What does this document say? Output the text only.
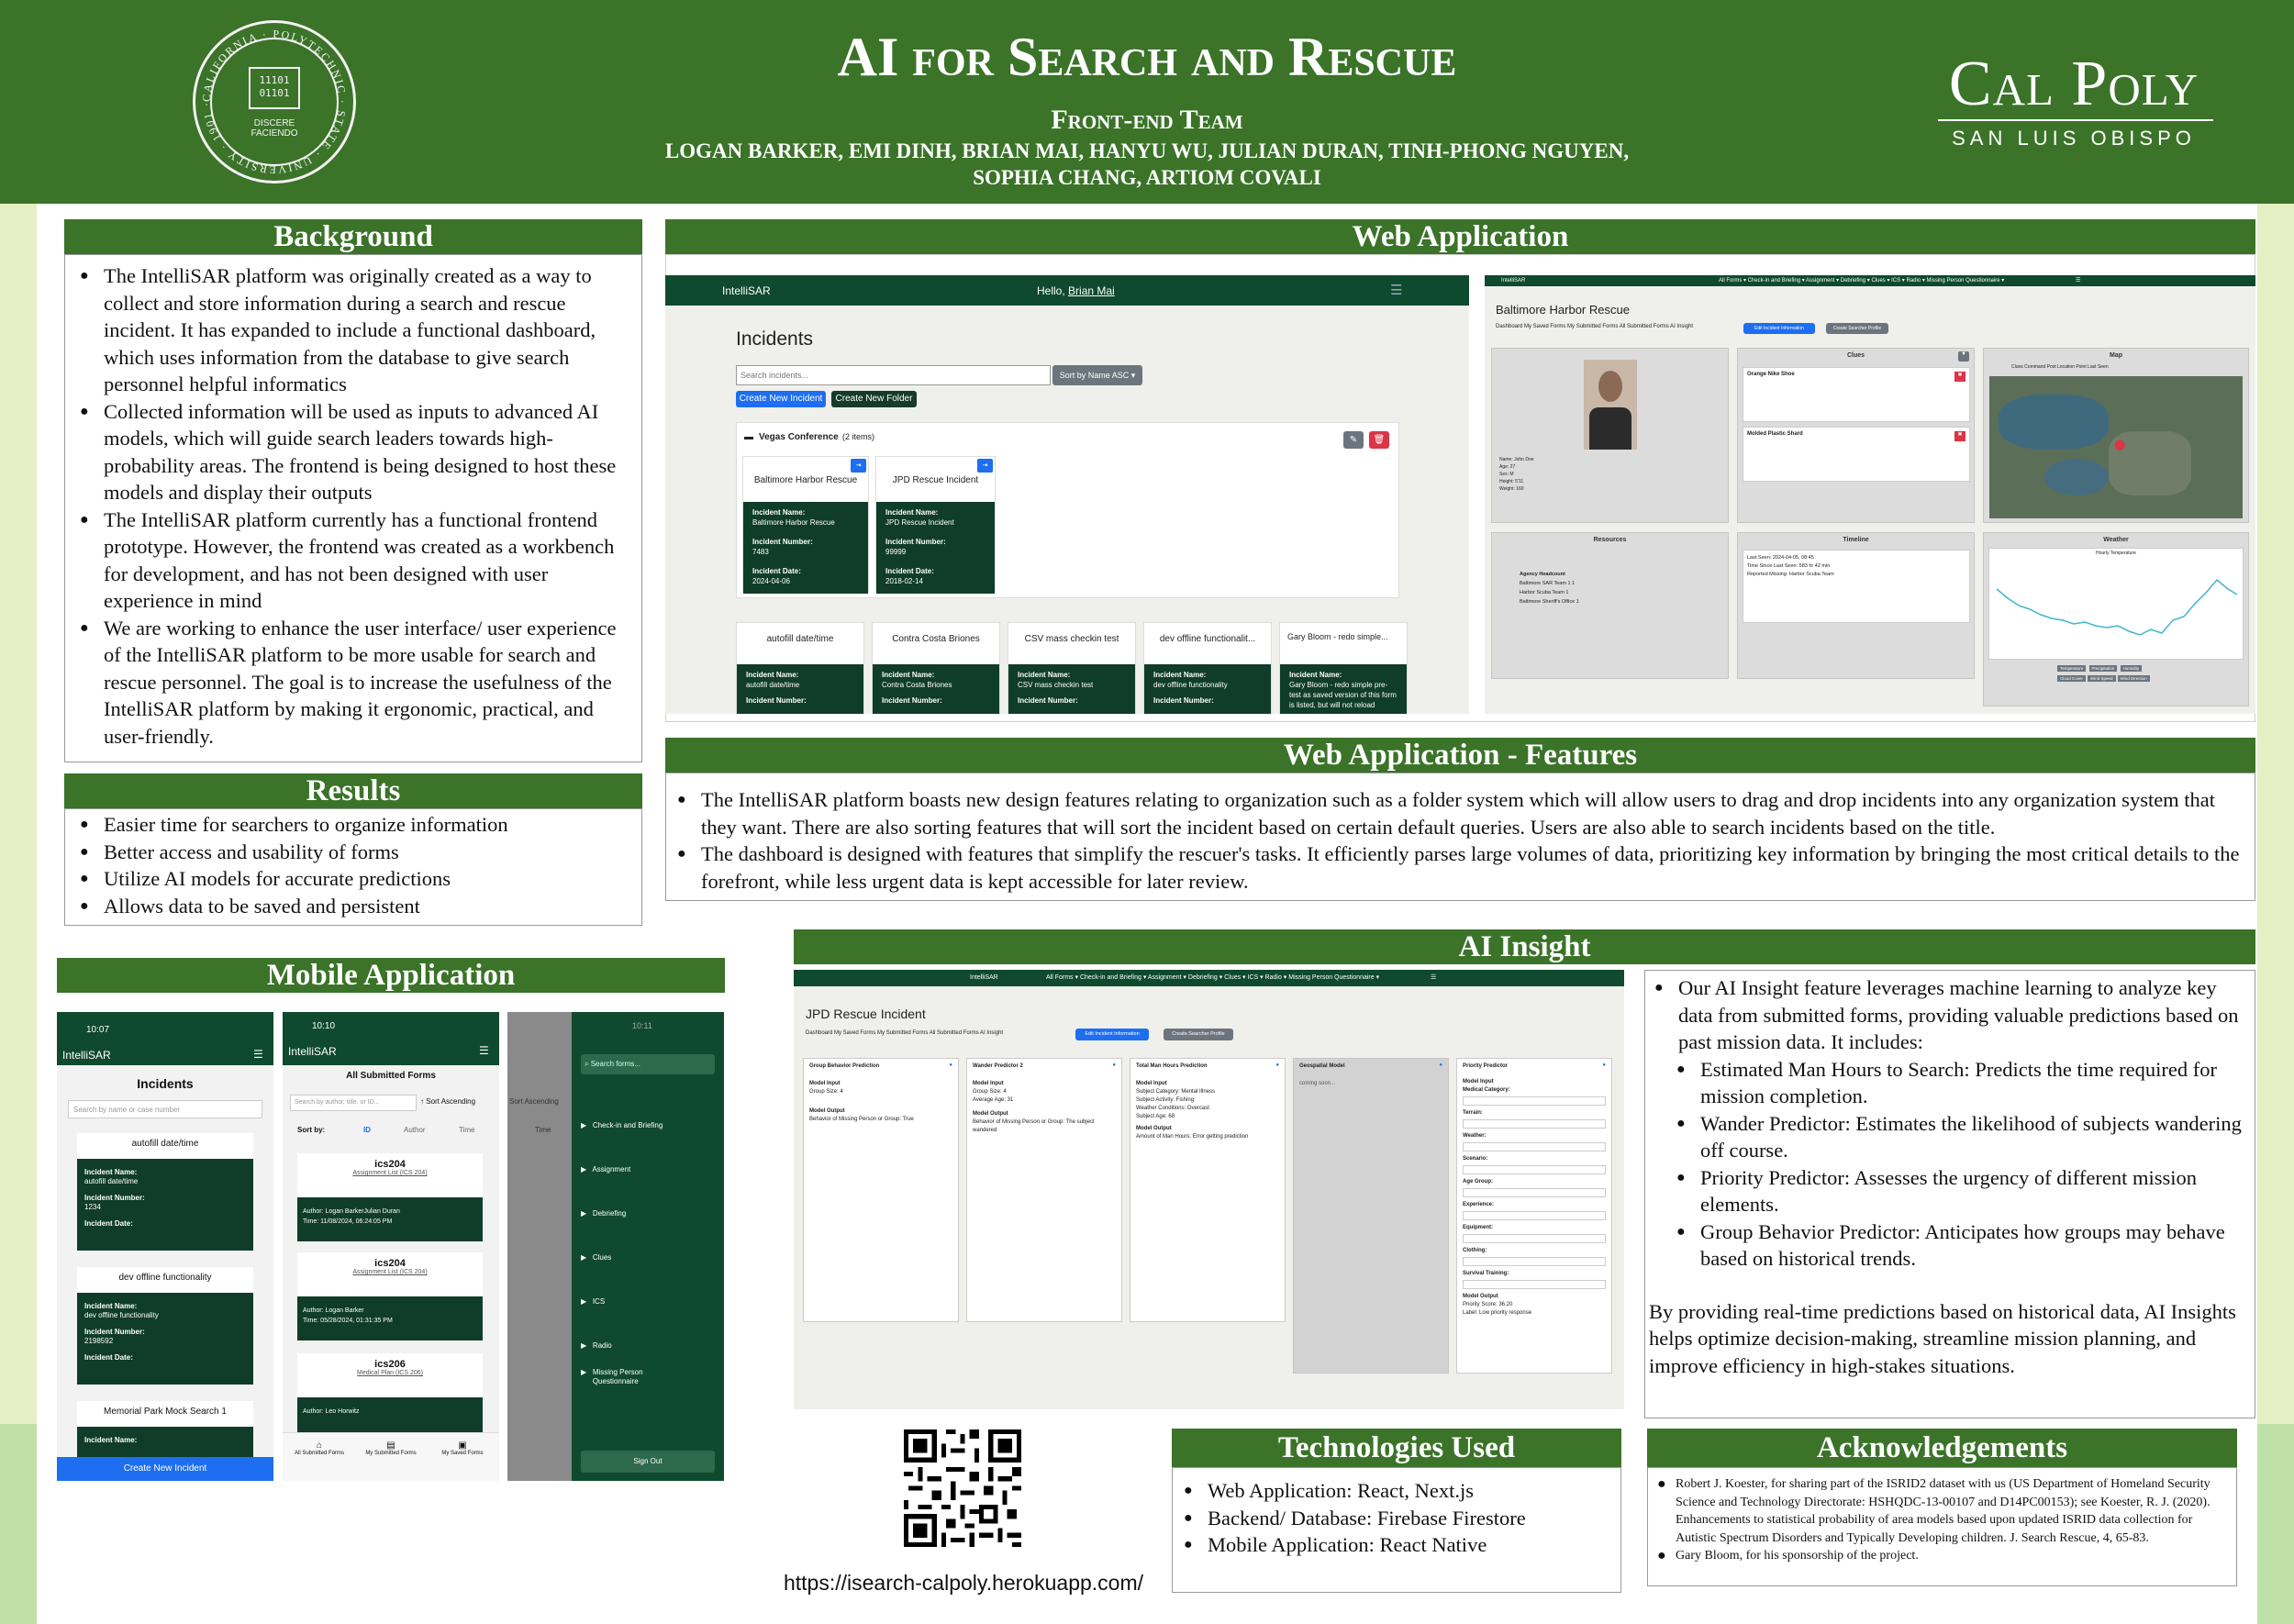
CALIFORNIA · POLYTECHNIC · STATE · UNIVERSITY · 1901 ·
11101 01101
DISCERE FACIENDO
AI for Search and Rescue
Front-end Team
LOGAN BARKER, EMI DINH, BRIAN MAI, HANYU WU, JULIAN DURAN, TINH-PHONG NGUYEN,
SOPHIA CHANG, ARTIOM COVALI
Cal Poly
SAN LUIS OBISPO
Background
● The IntelliSAR platform was originally created as a way to collect and store information during a search and rescue incident. It has expanded to include a functional dashboard, which uses information from the database to give search personnel helpful informatics
● Collected information will be used as inputs to advanced AI models, which will guide search leaders towards high-probability areas. The frontend is being designed to host these models and display their outputs
● The IntelliSAR platform currently has a functional frontend prototype. However, the frontend was created as a workbench for development, and has not been designed with user experience in mind
● We are working to enhance the user interface/ user experience of the IntelliSAR platform to be more usable for search and rescue personnel. The goal is to increase the usefulness of the IntelliSAR platform by making it ergonomic, practical, and user-friendly.
Results
● Easier time for searchers to organize information
● Better access and usability of forms
● Utilize AI models for accurate predictions
● Allows data to be saved and persistent
Web Application
IntelliSAR	Hello, Brian Mai	☰
Incidents
Search incidents...	Sort by Name ASC ▾
Create New Incident	Create New Folder
▬ Vegas Conference (2 items)	✎	🗑
⇥
Baltimore Harbor Rescue
Incident Name:
Baltimore Harbor Rescue
Incident Number:
7483
Incident Date:
2024-04-06
⇥
JPD Rescue Incident
Incident Name:
JPD Rescue Incident
Incident Number:
99999
Incident Date:
2018-02-14
autofill date/time
Incident Name:
autofill date/time
Incident Number:
Contra Costa Briones
Incident Name:
Contra Costa Briones
Incident Number:
CSV mass checkin test
Incident Name:
CSV mass checkin test
Incident Number:
dev offline functionalit...
Incident Name:
dev offline functionality
Incident Number:
Gary Bloom - redo simple...
Incident Name:
Gary Bloom - redo simple pre-test as saved version of this form is listed, but will not reload
IntelliSAR	All Forms ▾ Check-in and Briefing ▾ Assignment ▾ Debriefing ▾ Clues ▾ ICS ▾ Radio ▾ Missing Person Questionnaire ▾	☰
Baltimore Harbor Rescue
Dashboard My Saved Forms My Submitted Forms All Submitted Forms AI Insight	Edit Incident Information	Create Searcher Profile
Name: John Doe
Age: 27
Sex: M
Height: 5'11
Weight: 160
Clues	▼
Orange Nike Shoe	✖
Molded Plastic Shard	✖
Map
Clues Command Post Location Point Last Seen
⬤
Resources
Agency Headcount
Baltimore SAR Team 1 1
Harbor Scuba Team 1
Baltimore Sheriff's Office 1
Timeline
Last Seen: 2024-04-05, 08:45
Time Since Last Seen: 583 hr 42 min
Reported Missing: Harbor Scuba Team
Weather
Hourly Temperature
Temperature Precipitation Humidity
Cloud Cover Wind Speed Wind Direction
Web Application - Features
● The IntelliSAR platform boasts new design features relating to organization such as a folder system which will allow users to drag and drop incidents into any organization system that they want. There are also sorting features that will sort the incident based on certain default queries. Users are also able to search incidents based on the title.
● The dashboard is designed with features that simplify the rescuer's tasks. It efficiently parses large volumes of data, prioritizing key information by bringing the most critical details to the forefront, while less urgent data is kept accessible for later review.
Mobile Application
10:07
IntelliSAR	☰
Incidents
Search by name or case number
autofill date/time
Incident Name:
autofill date/time
Incident Number:
1234
Incident Date:
dev offline functionality
Incident Name:
dev offline functionality
Incident Number:
2198592
Incident Date:
Memorial Park Mock Search 1
Incident Name:
Create New Incident
10:10
IntelliSAR	☰
All Submitted Forms
Search by author, title, or ID...	↑ Sort Ascending
Sort by:	ID	Author	Time
ics204
Assignment List (ICS 204)
Author: Logan BarkerJulian Duran
Time: 11/08/2024, 06:24:05 PM
ics204
Assignment List (ICS 204)
Author: Logan Barker
Time: 05/28/2024, 01:31:35 PM
ics206
Medical Plan (ICS 206)
Author: Leo Horwitz
⌂
All Submitted Forms
▤
My Submitted Forms
▣
My Saved Forms
Sort Ascending
Time
10:11
⌕ Search forms...
▶   Check-in and Briefing
▶   Assignment
▶   Debriefing
▶   Clues
▶   ICS
▶   Radio
▶   Missing Person Questionnaire
Sign Out
AI Insight
IntelliSAR	All Forms ▾ Check-in and Briefing ▾ Assignment ▾ Debriefing ▾ Clues ▾ ICS ▾ Radio ▾ Missing Person Questionnaire ▾	☰
JPD Rescue Incident
Dashboard My Saved Forms My Submitted Forms All Submitted Forms AI Insight	Edit Incident Information	Create Searcher Profile
Group Behavior Prediction	●
Model Input
Group Size: 4
Model Output
Behavior of Missing Person or Group: True
Wander Predictor 2	●
Model Input
Group Size: 4
Average Age: 31
Model Output
Behavior of Missing Person or Group: The subject wandered
Total Man Hours Prediction	●
Model Input
Subject Category: Mental Illness
Subject Activity: Fishing
Weather Conditions: Overcast
Subject Age: 68
Model Output
Amount of Man Hours: Error getting prediction
Geospatial Model	●
coming soon...
Priority Predictor	●
Model Input
Medical Category:
Terrain:
Weather:
Scenario:
Age Group:
Experience:
Equipment:
Clothing:
Survival Training:
Model Output
Priority Score: 36.20
Label: Low priority response
● Our AI Insight feature leverages machine learning to analyze key data from submitted forms, providing valuable predictions based on past mission data. It includes:
● Estimated Man Hours to Search: Predicts the time required for mission completion.
● Wander Predictor: Estimates the likelihood of subjects wandering off course.
● Priority Predictor: Assesses the urgency of different mission elements.
● Group Behavior Predictor: Anticipates how groups may behave based on historical trends.

By providing real-time predictions based on historical data, AI Insights helps optimize decision-making, streamline mission planning, and improve efficiency in high-stakes situations.

https://isearch-calpoly.herokuapp.com/
Technologies Used
● Web Application: React, Next.js
● Backend/ Database: Firebase Firestore
● Mobile Application: React Native
Acknowledgements
● Robert J. Koester, for sharing part of the ISRID2 dataset with us (US Department of Homeland Security Science and Technology Directorate: HSHQDC-13-00107 and D14PC00153); see Koester, R. J. (2020). Enhancements to statistical probability of area models based upon updated ISRID data collection for Autistic Spectrum Disorders and Typically Developing children. J. Search Rescue, 4, 65-83.
● Gary Bloom, for his sponsorship of the project.
